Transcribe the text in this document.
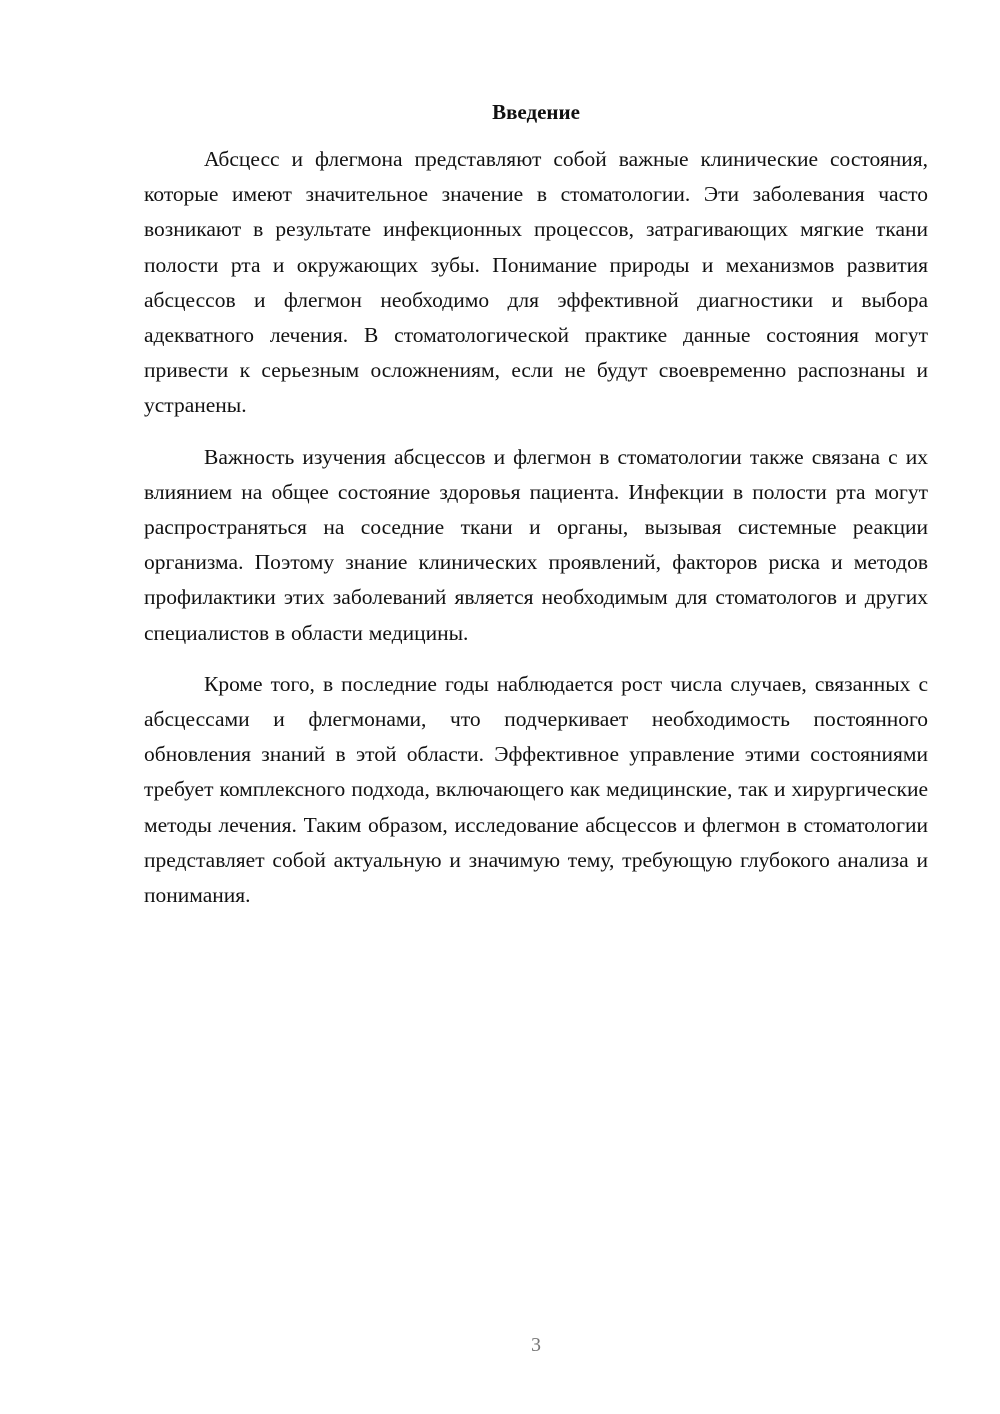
Введение

Абсцесс и флегмона представляют собой важные клинические состояния, которые имеют значительное значение в стоматологии. Эти заболевания часто возникают в результате инфекционных процессов, затрагивающих мягкие ткани полости рта и окружающих зубы. Понимание природы и механизмов развития абсцессов и флегмон необходимо для эффективной диагностики и выбора адекватного лечения. В стоматологической практике данные состояния могут привести к серьезным осложнениям, если не будут своевременно распознаны и устранены.

Важность изучения абсцессов и флегмон в стоматологии также связана с их влиянием на общее состояние здоровья пациента. Инфекции в полости рта могут распространяться на соседние ткани и органы, вызывая системные реакции организма. Поэтому знание клинических проявлений, факторов риска и методов профилактики этих заболеваний является необходимым для стоматологов и других специалистов в области медицины.

Кроме того, в последние годы наблюдается рост числа случаев, связанных с абсцессами и флегмонами, что подчеркивает необходимость постоянного обновления знаний в этой области. Эффективное управление этими состояниями требует комплексного подхода, включающего как медицинские, так и хирургические методы лечения. Таким образом, исследование абсцессов и флегмон в стоматологии представляет собой актуальную и значимую тему, требующую глубокого анализа и понимания.

3
